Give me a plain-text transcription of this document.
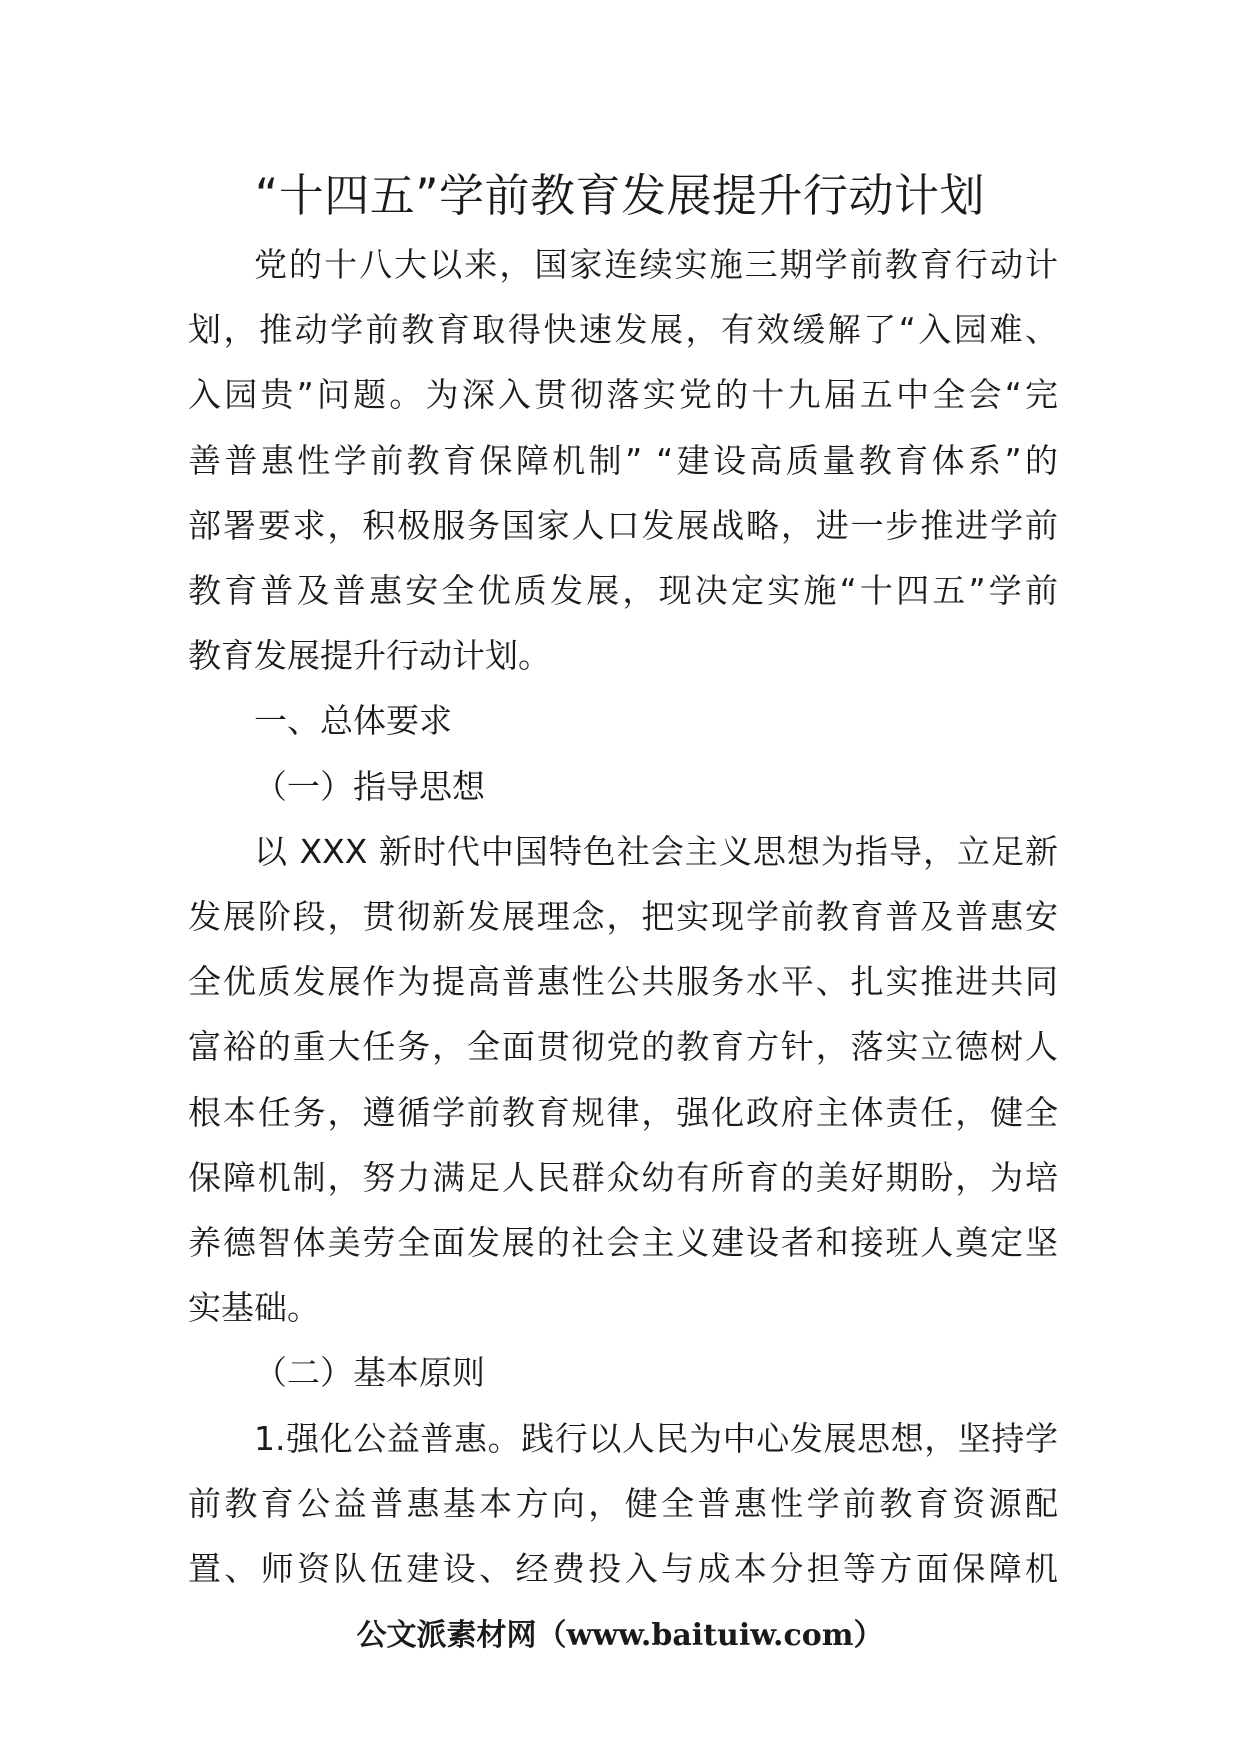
“十四五”学前教育发展提升行动计划

党的十八大以来，国家连续实施三期学前教育行动计
划，推动学前教育取得快速发展，有效缓解了“入园难、
入园贵”问题。为深入贯彻落实党的十九届五中全会“完
善普惠性学前教育保障机制” “建设高质量教育体系”的
部署要求，积极服务国家人口发展战略，进一步推进学前
教育普及普惠安全优质发展，现决定实施“十四五”学前
教育发展提升行动计划。

一、总体要求

（一）指导思想

以 XXX 新时代中国特色社会主义思想为指导，立足新
发展阶段，贯彻新发展理念，把实现学前教育普及普惠安
全优质发展作为提高普惠性公共服务水平、扎实推进共同
富裕的重大任务，全面贯彻党的教育方针，落实立德树人
根本任务，遵循学前教育规律，强化政府主体责任，健全
保障机制，努力满足人民群众幼有所育的美好期盼，为培
养德智体美劳全面发展的社会主义建设者和接班人奠定坚
实基础。

（二）基本原则

1.强化公益普惠。践行以人民为中心发展思想，坚持学
前教育公益普惠基本方向，健全普惠性学前教育资源配
置、师资队伍建设、经费投入与成本分担等方面保障机

公文派素材网（www.baituiw.com）
